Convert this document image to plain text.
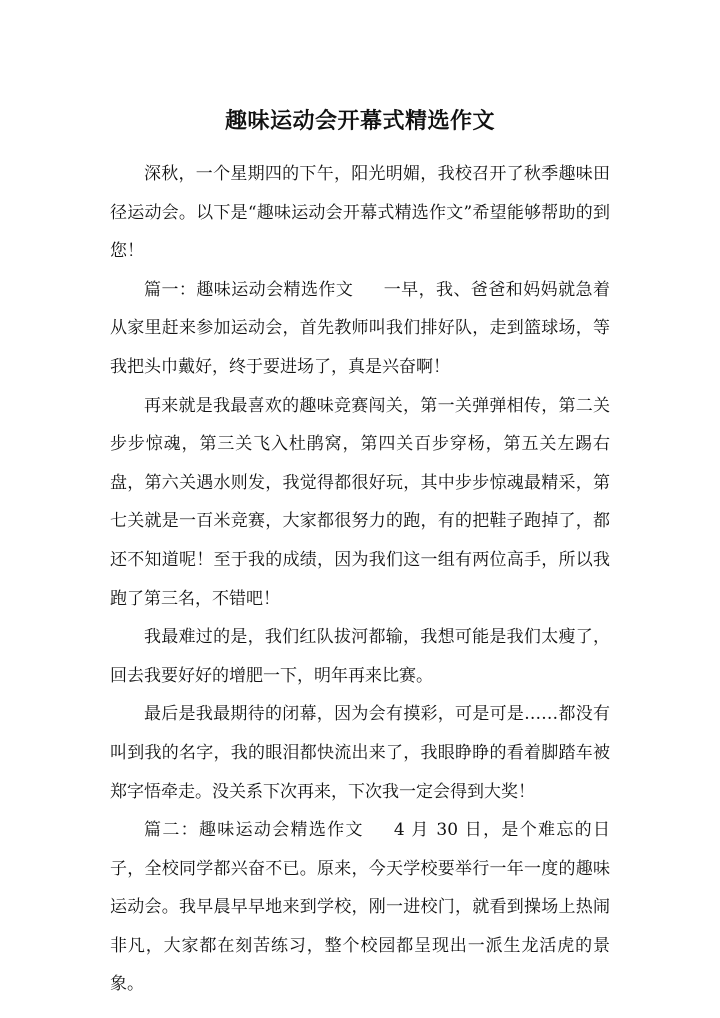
趣味运动会开幕式精选作文

深秋，一个星期四的下午，阳光明媚，我校召开了秋季趣味田径运动会。以下是“趣味运动会开幕式精选作文”希望能够帮助的到您！

篇一：趣味运动会精选作文 一早，我、爸爸和妈妈就急着从家里赶来参加运动会，首先教师叫我们排好队，走到篮球场，等我把头巾戴好，终于要进场了，真是兴奋啊！

再来就是我最喜欢的趣味竞赛闯关，第一关弹弹相传，第二关步步惊魂，第三关飞入杜鹃窝，第四关百步穿杨，第五关左踢右盘，第六关遇水则发，我觉得都很好玩，其中步步惊魂最精采，第七关就是一百米竞赛，大家都很努力的跑，有的把鞋子跑掉了，都还不知道呢！至于我的成绩，因为我们这一组有两位高手，所以我跑了第三名，不错吧！

我最难过的是，我们红队拔河都输，我想可能是我们太瘦了，回去我要好好的增肥一下，明年再来比赛。

最后是我最期待的闭幕，因为会有摸彩，可是可是……都没有叫到我的名字，我的眼泪都快流出来了，我眼睁睁的看着脚踏车被郑字悟牵走。没关系下次再来，下次我一定会得到大奖！

篇二：趣味运动会精选作文 4 月 30 日，是个难忘的日子，全校同学都兴奋不已。原来，今天学校要举行一年一度的趣味运动会。我早晨早早地来到学校，刚一进校门，就看到操场上热闹非凡，大家都在刻苦练习，整个校园都呈现出一派生龙活虎的景象。
